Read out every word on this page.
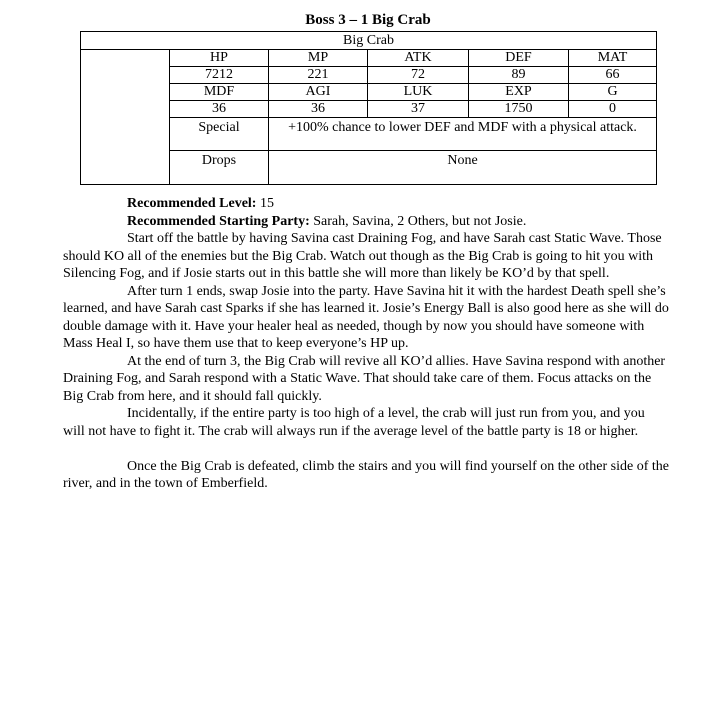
Boss 3 – 1 Big Crab
Big Crab					
	HP	MP	ATK	DEF	MAT
	7212	221	72	89	66
	MDF	AGI	LUK	EXP	G
	36	36	37	1750	0
	Special	+100% chance to lower DEF and MDF with a physical attack.			
	Drops	None			

Recommended Level: 15

Recommended Starting Party: Sarah, Savina, 2 Others, but not Josie.

Start off the battle by having Savina cast Draining Fog, and have Sarah cast Static Wave. Those should KO all of the enemies but the Big Crab. Watch out though as the Big Crab is going to hit you with Silencing Fog, and if Josie starts out in this battle she will more than likely be KO’d by that spell.

After turn 1 ends, swap Josie into the party. Have Savina hit it with the hardest Death spell she’s learned, and have Sarah cast Sparks if she has learned it. Josie’s Energy Ball is also good here as she will do double damage with it. Have your healer heal as needed, though by now you should have someone with Mass Heal I, so have them use that to keep everyone’s HP up.

At the end of turn 3, the Big Crab will revive all KO’d allies. Have Savina respond with another Draining Fog, and Sarah respond with a Static Wave. That should take care of them. Focus attacks on the Big Crab from here, and it should fall quickly.

Incidentally, if the entire party is too high of a level, the crab will just run from you, and you will not have to fight it. The crab will always run if the average level of the battle party is 18 or higher.

Once the Big Crab is defeated, climb the stairs and you will find yourself on the other side of the river, and in the town of Emberfield.
